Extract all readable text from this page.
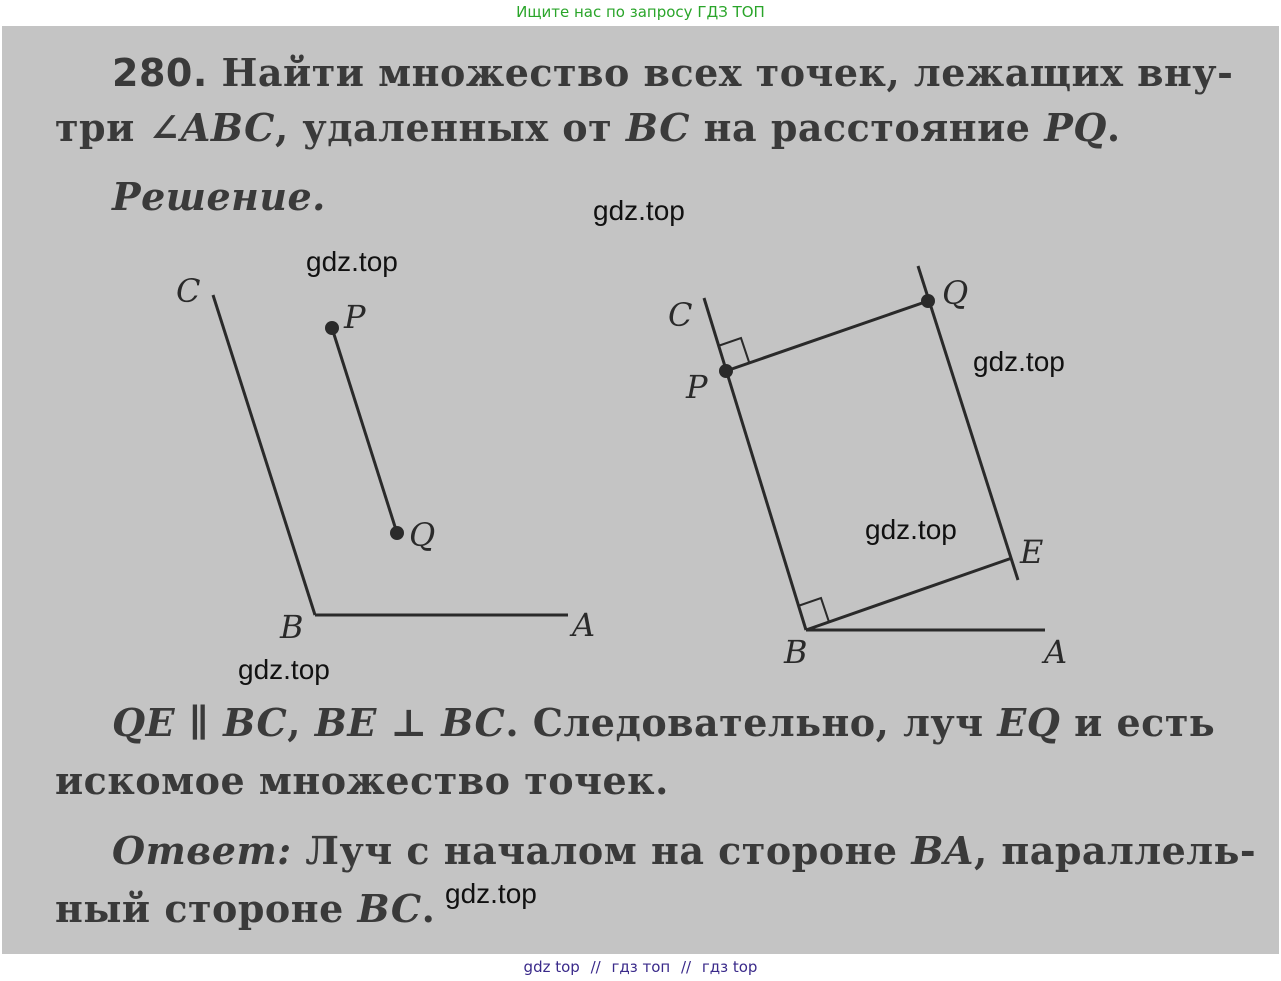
Ищите нас по запросу ГДЗ ТОП
280. Найти множество всех точек, лежащих вну-
три ∠ABC, удаленных от BC на расстояние PQ.
Решение.
C
P
Q
B	A
C
Q
P
E
B	A
QE ∥ BC, BE ⊥ BC. Следовательно, луч EQ и есть
искомое множество точек.
Ответ: Луч с началом на стороне BA, параллель-
ный стороне BC.
gdz.top
gdz.top
gdz.top
gdz.top
gdz.top
gdz.top
gdz top // гдз топ // гдз top
